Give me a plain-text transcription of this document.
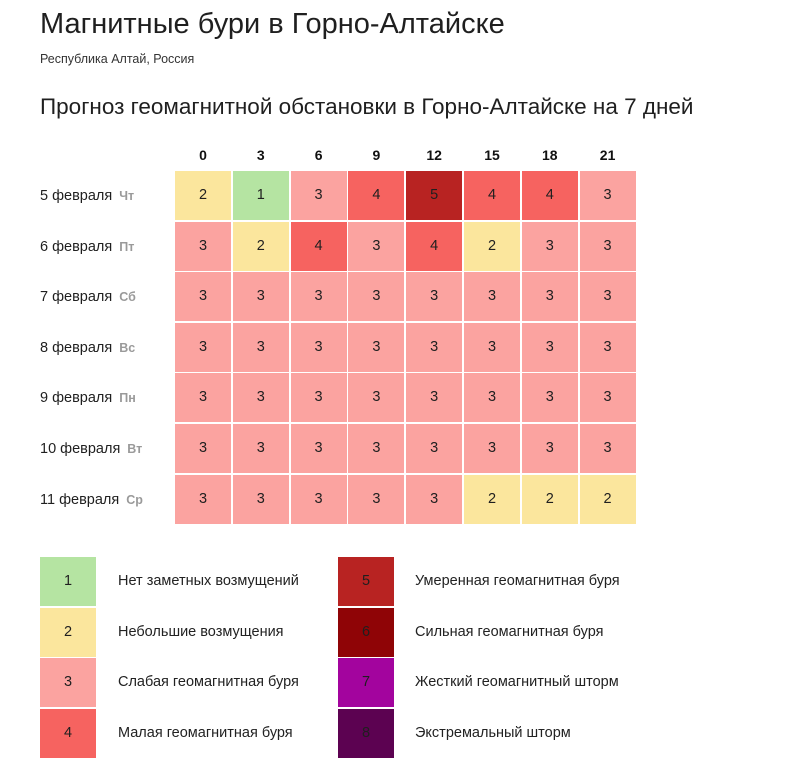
Магнитные бури в Горно-Алтайске
Республика Алтай, Россия
Прогноз геомагнитной обстановки в Горно-Алтайске на 7 дней
0	3	6	9	12	15	18	21
5 февраля Чт	2	1	3	4	5	4	4	3
6 февраля Пт	3	2	4	3	4	2	3	3
7 февраля Сб	3	3	3	3	3	3	3	3
8 февраля Вс	3	3	3	3	3	3	3	3
9 февраля Пн	3	3	3	3	3	3	3	3
10 февраля Вт	3	3	3	3	3	3	3	3
11 февраля Ср	3	3	3	3	3	2	2	2
1	Нет заметных возмущений
2	Небольшие возмущения
3	Слабая геомагнитная буря
4	Малая геомагнитная буря
5	Умеренная геомагнитная буря
6	Сильная геомагнитная буря
7	Жесткий геомагнитный шторм
8	Экстремальный шторм
